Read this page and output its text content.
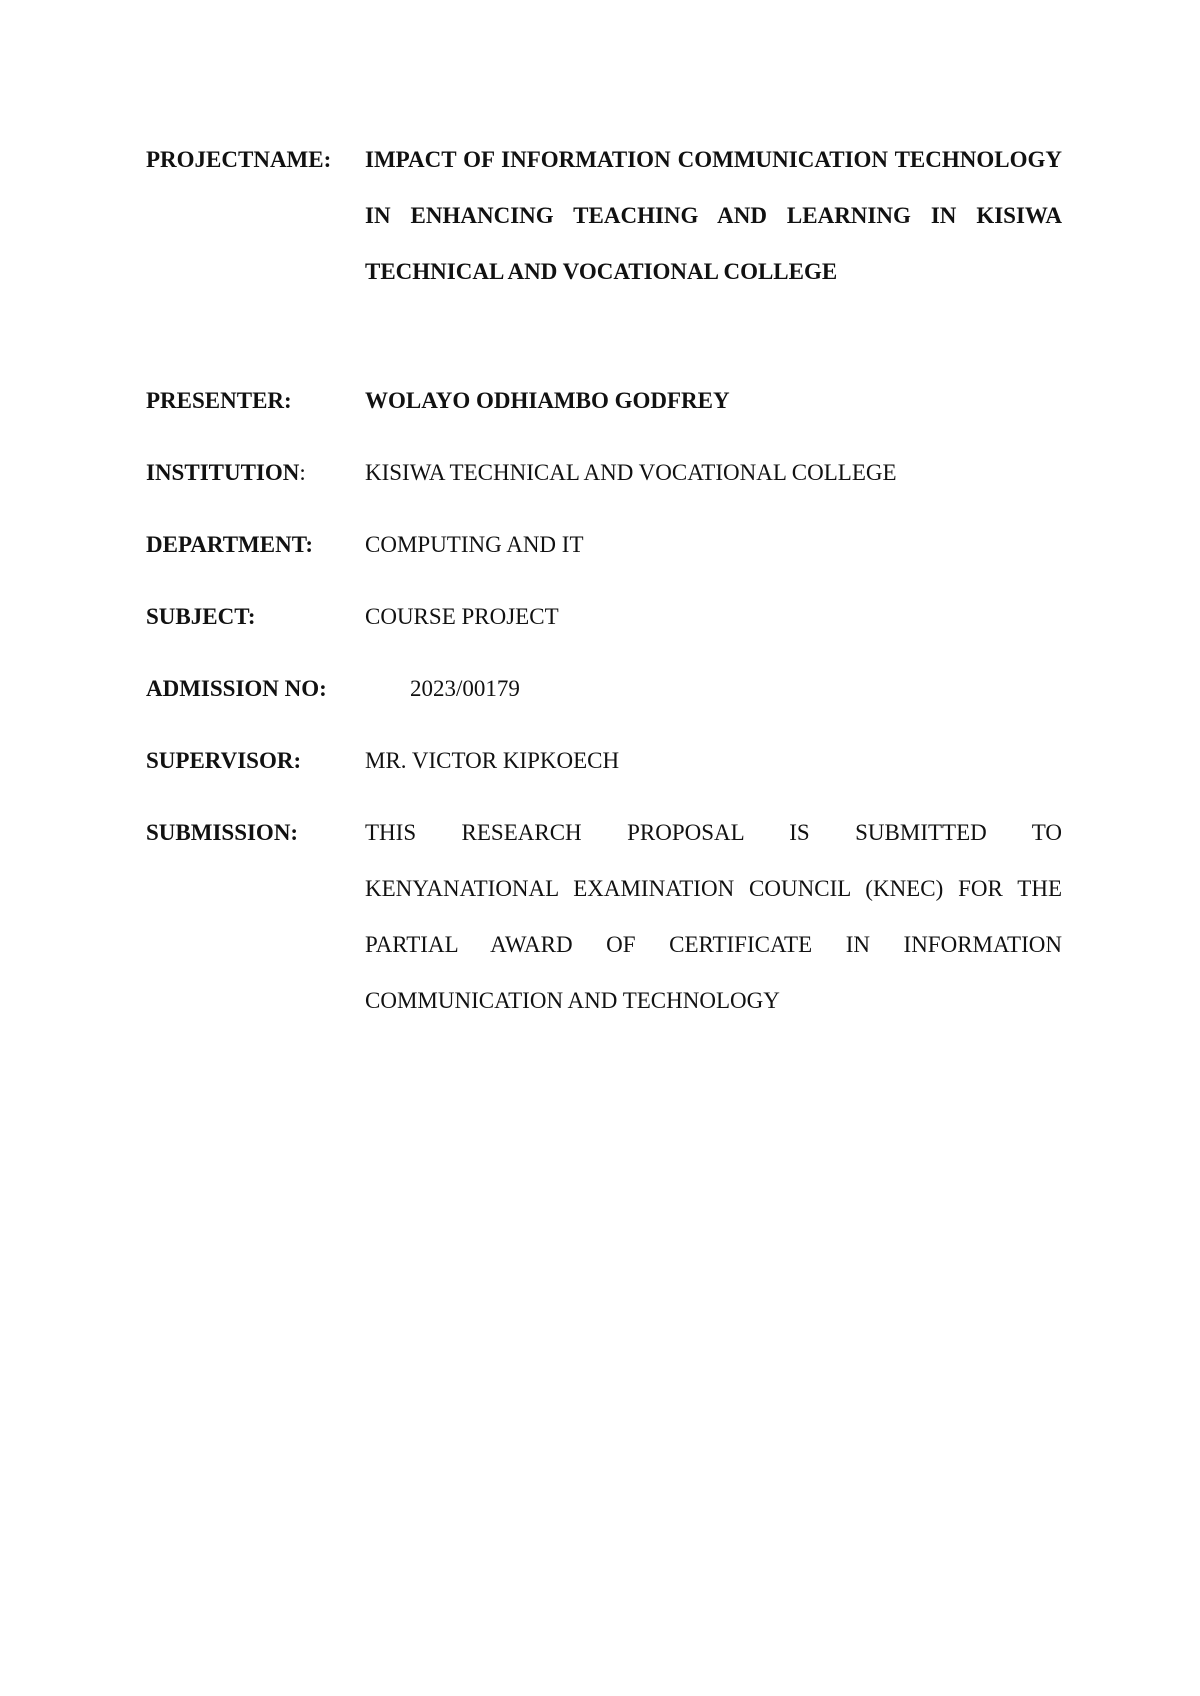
PROJECTNAME: IMPACT OF INFORMATION COMMUNICATION TECHNOLOGY IN ENHANCING TEACHING AND LEARNING IN KISIWA TECHNICAL AND VOCATIONAL COLLEGE
PRESENTER:	WOLAYO ODHIAMBO GODFREY
INSTITUTION:	KISIWA TECHNICAL AND VOCATIONAL COLLEGE
DEPARTMENT: COMPUTING AND IT
SUBJECT:	COURSE PROJECT
ADMISSION NO:	2023/00179
SUPERVISOR:	MR. VICTOR KIPKOECH
SUBMISSION:	THIS RESEARCH PROPOSAL IS SUBMITTED TO KENYANATIONAL EXAMINATION COUNCIL (KNEC) FOR THE PARTIAL AWARD OF CERTIFICATE IN INFORMATION COMMUNICATION AND TECHNOLOGY
